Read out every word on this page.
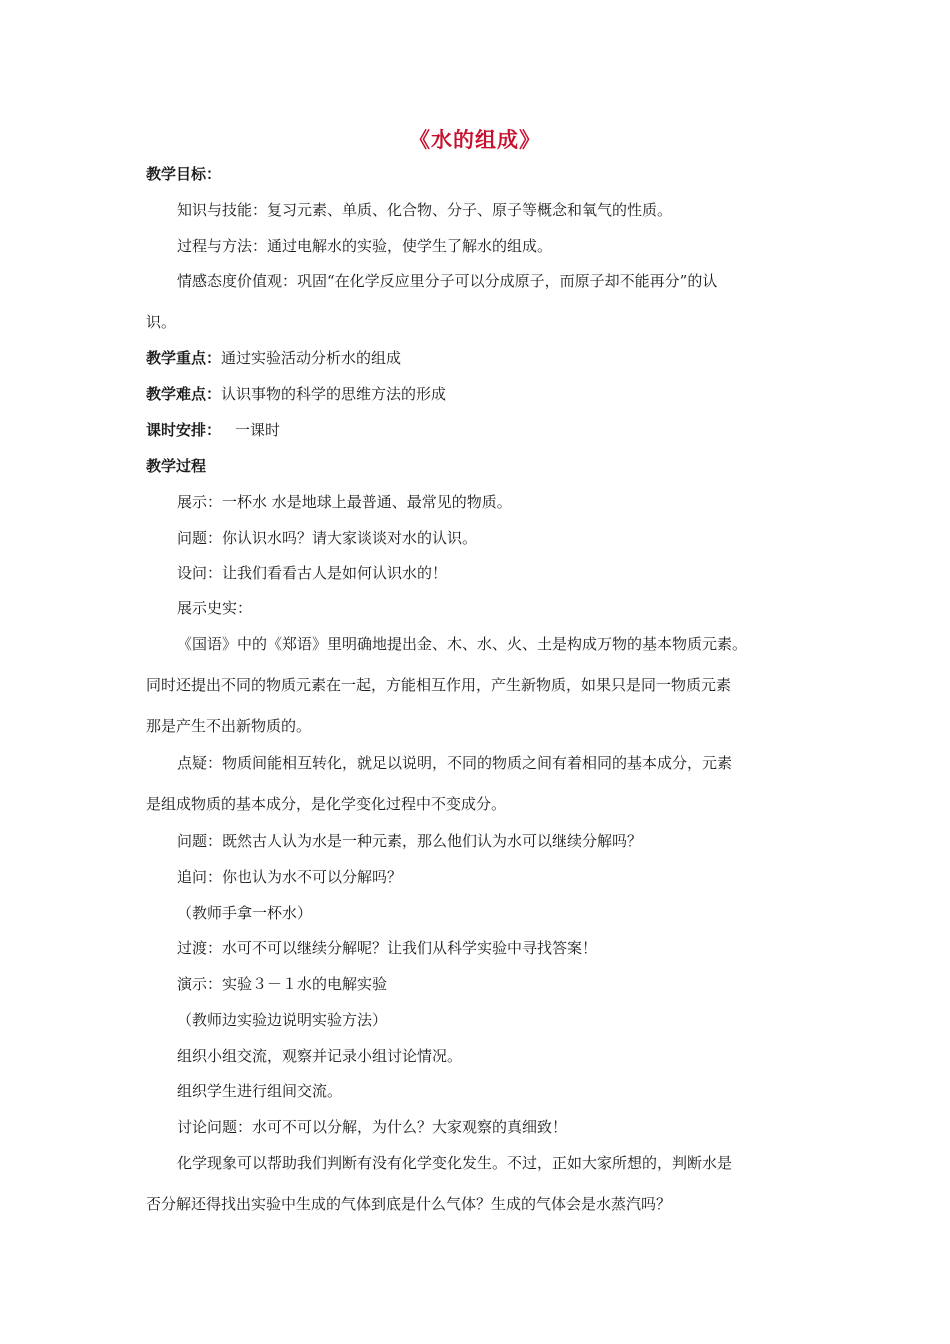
《水的组成》
教学目标：
知识与技能：复习元素、单质、化合物、分子、原子等概念和氧气的性质。
过程与方法：通过电解水的实验，使学生了解水的组成。
情感态度价值观：巩固“在化学反应里分子可以分成原子，而原子却不能再分”的认
识。
教学重点：通过实验活动分析水的组成
教学难点：认识事物的科学的思维方法的形成
课时安排： 一课时
教学过程
展示：一杯水 水是地球上最普通、最常见的物质。
问题：你认识水吗？请大家谈谈对水的认识。
设问：让我们看看古人是如何认识水的！
展示史实：
《国语》中的《郑语》里明确地提出金、木、水、火、土是构成万物的基本物质元素。
同时还提出不同的物质元素在一起，方能相互作用，产生新物质，如果只是同一物质元素
那是产生不出新物质的。
点疑：物质间能相互转化，就足以说明，不同的物质之间有着相同的基本成分，元素
是组成物质的基本成分，是化学变化过程中不变成分。
问题：既然古人认为水是一种元素，那么他们认为水可以继续分解吗？
追问：你也认为水不可以分解吗？
（教师手拿一杯水）
过渡：水可不可以继续分解呢？让我们从科学实验中寻找答案！
演示：实验３－１水的电解实验
（教师边实验边说明实验方法）
组织小组交流，观察并记录小组讨论情况。
组织学生进行组间交流。
讨论问题：水可不可以分解，为什么？大家观察的真细致！
化学现象可以帮助我们判断有没有化学变化发生。不过，正如大家所想的，判断水是
否分解还得找出实验中生成的气体到底是什么气体？生成的气体会是水蒸汽吗？
